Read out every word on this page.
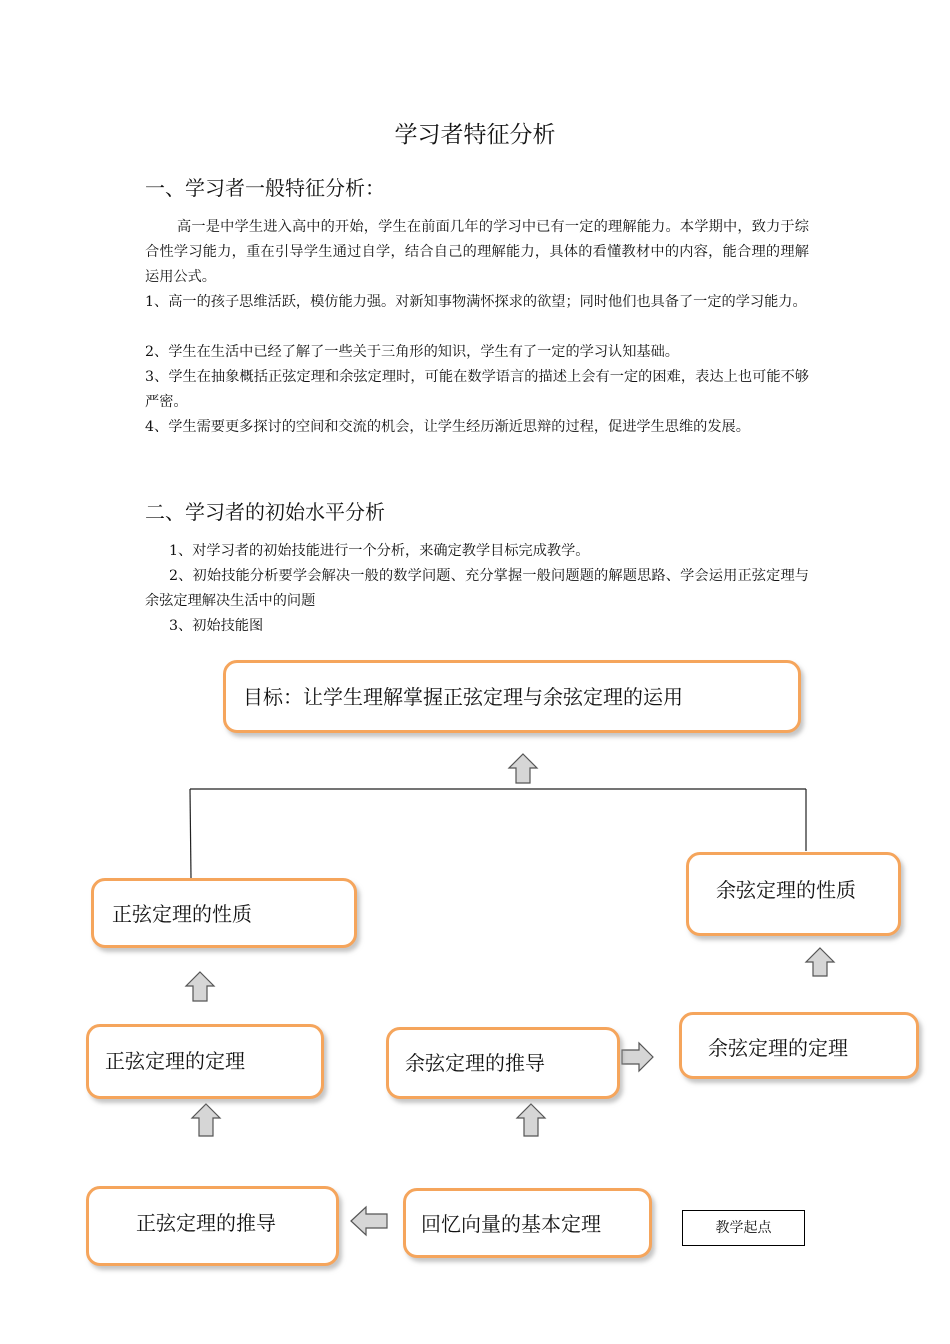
学习者特征分析
一、学习者一般特征分析：
高一是中学生进入高中的开始，学生在前面几年的学习中已有一定的理解能力。本学期中，致力于综合性学习能力，重在引导学生通过自学，结合自己的理解能力，具体的看懂教材中的内容，能合理的理解运用公式。
1、高一的孩子思维活跃，模仿能力强。对新知事物满怀探求的欲望；同时他们也具备了一定的学习能力。
2、学生在生活中已经了解了一些关于三角形的知识，学生有了一定的学习认知基础。
3、学生在抽象概括正弦定理和余弦定理时，可能在数学语言的描述上会有一定的困难，表达上也可能不够严密。
4、学生需要更多探讨的空间和交流的机会，让学生经历渐近思辩的过程，促进学生思维的发展。
二、学习者的初始水平分析
1、对学习者的初始技能进行一个分析，来确定教学目标完成教学。
2、初始技能分析要学会解决一般的数学问题、充分掌握一般问题题的解题思路、学会运用正弦定理与余弦定理解决生活中的问题
3、初始技能图
目标：让学生理解掌握正弦定理与余弦定理的运用
正弦定理的性质
余弦定理的性质
正弦定理的定理	余弦定理的推导
余弦定理的定理
正弦定理的推导	回忆向量的基本定理	教学起点
